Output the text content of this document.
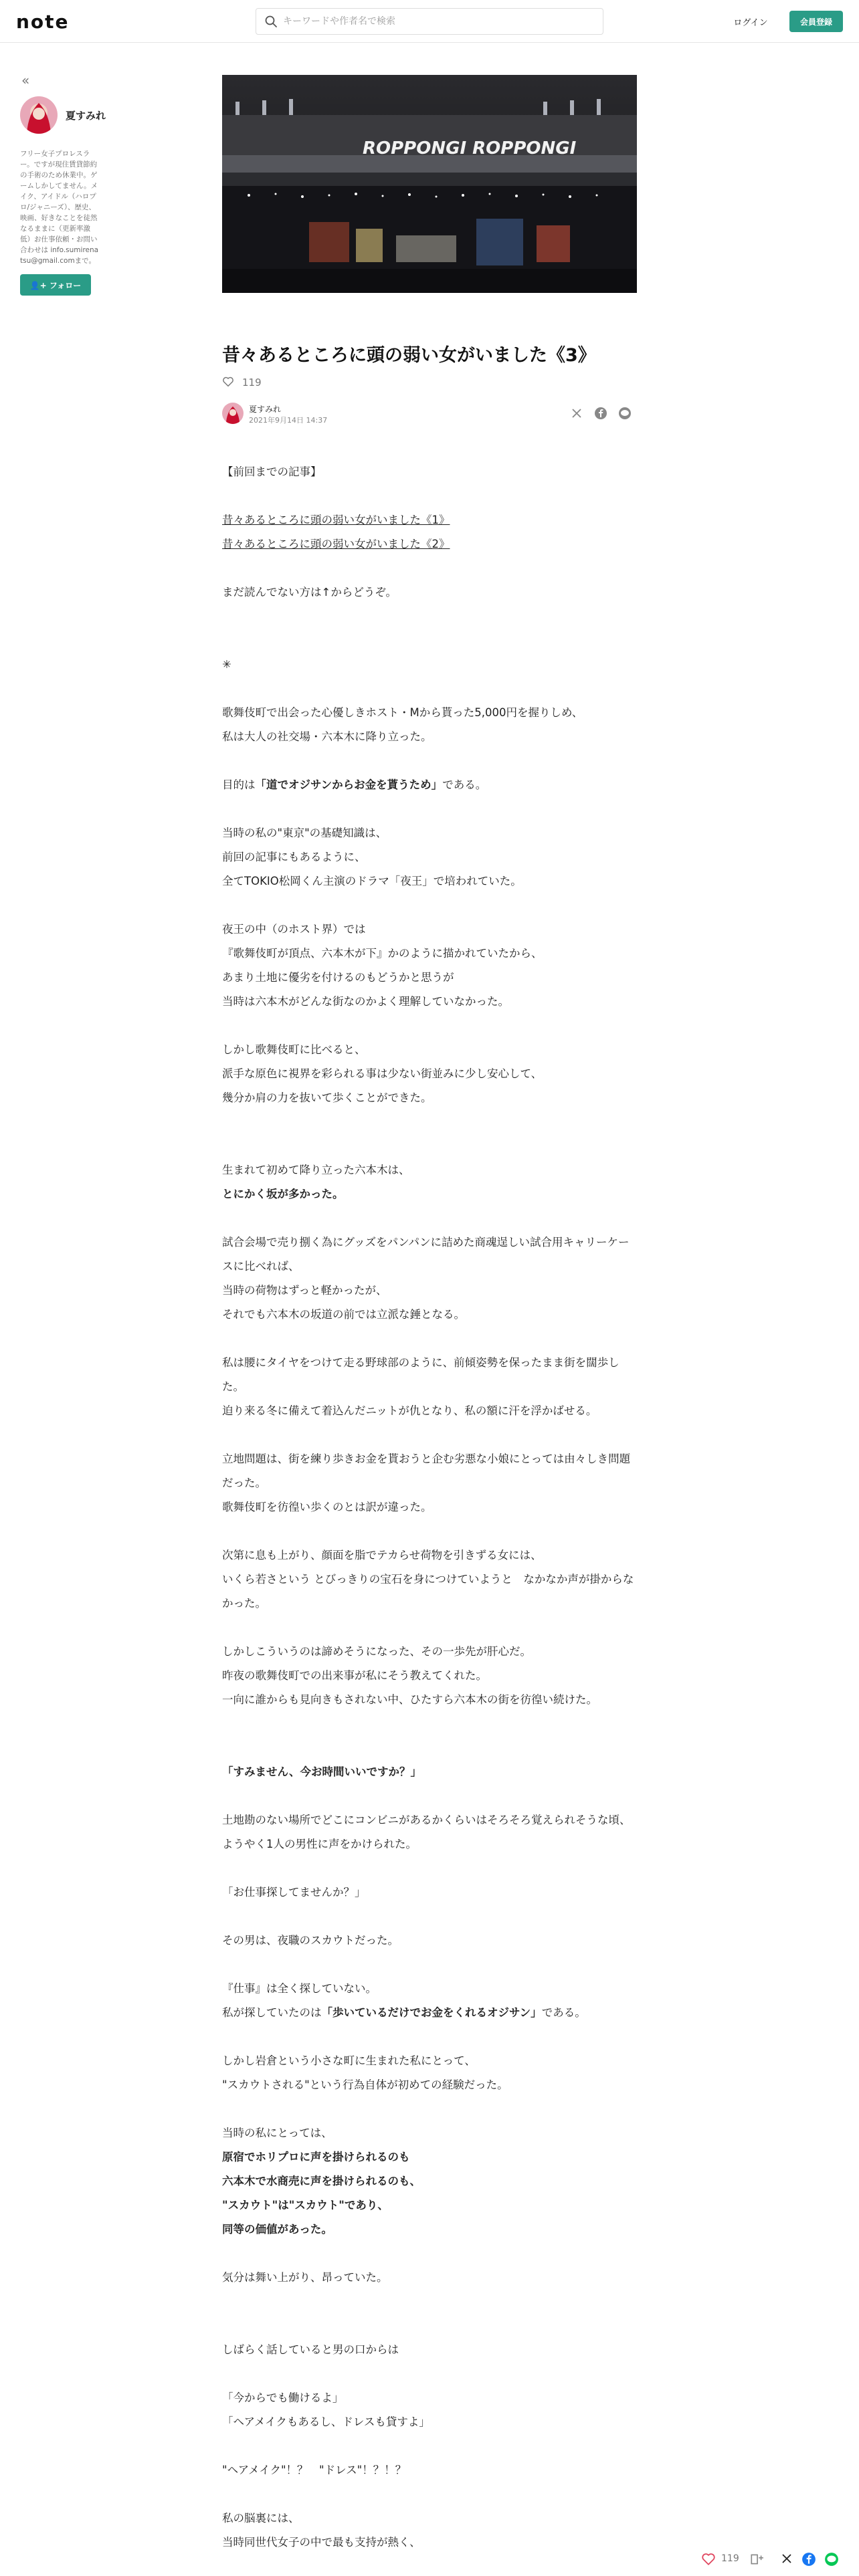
note
キーワードや作者名で検索	ログイン	会員登録
«
夏すみれ
フリー女子プロレスラー。ですが現住賃貸節約の手術のため休業中。ゲームしかしてません。メイク、アイドル（ハロプロ/ジャニーズ）、歴史、映画、好きなことを徒然なるままに（更新率激低）お仕事依頼・お問い合わせは info.sumirenatsu@gmail.comまで。
👤+ フォロー
ROPPONGI ROPPONGI
昔々あるところに頭の弱い女がいました《3》
119
夏すみれ
2021年9月14日 14:37

【前回までの記事】

昔々あるところに頭の弱い女がいました《1》

昔々あるところに頭の弱い女がいました《2》

まだ読んでない方は↑からどうぞ。

✳︎

歌舞伎町で出会った心優しきホスト・Mから貰った5,000円を握りしめ、

私は大人の社交場・六本木に降り立った。

目的は「道でオジサンからお金を貰うため」である。

当時の私の"東京"の基礎知識は、

前回の記事にもあるように、

全てTOKIO松岡くん主演のドラマ「夜王」で培われていた。

夜王の中（のホスト界）では

『歌舞伎町が頂点、六本木が下』かのように描かれていたから、

あまり土地に優劣を付けるのもどうかと思うが

当時は六本木がどんな街なのかよく理解していなかった。

しかし歌舞伎町に比べると、

派手な原色に視界を彩られる事は少ない街並みに少し安心して、

幾分か肩の力を抜いて歩くことができた。

生まれて初めて降り立った六本木は、

とにかく坂が多かった。

試合会場で売り捌く為にグッズをパンパンに詰めた商魂逞しい試合用キャリーケースに比べれば、

当時の荷物はずっと軽かったが、

それでも六本木の坂道の前では立派な錘となる。

私は腰にタイヤをつけて走る野球部のように、前傾姿勢を保ったまま街を闊歩した。

迫り来る冬に備えて着込んだニットが仇となり、私の額に汗を浮かばせる。

立地問題は、街を練り歩きお金を貰おうと企む劣悪な小娘にとっては由々しき問題だった。

歌舞伎町を彷徨い歩くのとは訳が違った。

次第に息も上がり、顔面を脂でテカらせ荷物を引きずる女には、

いくら若さという とびっきりの宝石を身につけていようと　なかなか声が掛からなかった。

しかしこういうのは諦めそうになった、その一歩先が肝心だ。

昨夜の歌舞伎町での出来事が私にそう教えてくれた。

一向に誰からも見向きもされない中、ひたすら六本木の街を彷徨い続けた。

「すみません、今お時間いいですか？」

土地勘のない場所でどこにコンビニがあるかくらいはそろそろ覚えられそうな頃、

ようやく1人の男性に声をかけられた。

「お仕事探してませんか？」

その男は、夜職のスカウトだった。

『仕事』は全く探していない。

私が探していたのは「歩いているだけでお金をくれるオジサン」である。

しかし岩倉という小さな町に生まれた私にとって、

"スカウトされる"という行為自体が初めての経験だった。

当時の私にとっては、

原宿でホリプロに声を掛けられるのも

六本木で水商売に声を掛けられるのも、

"スカウト"は"スカウト"であり、

同等の価値があった。

気分は舞い上がり、昂っていた。

しばらく話していると男の口からは

「今からでも働けるよ」

「ヘアメイクもあるし、ドレスも貸すよ」

"ヘアメイク"！？　"ドレス"！？！？

私の脳裏には、

当時同世代女子の中で最も支持が熱く、

119
